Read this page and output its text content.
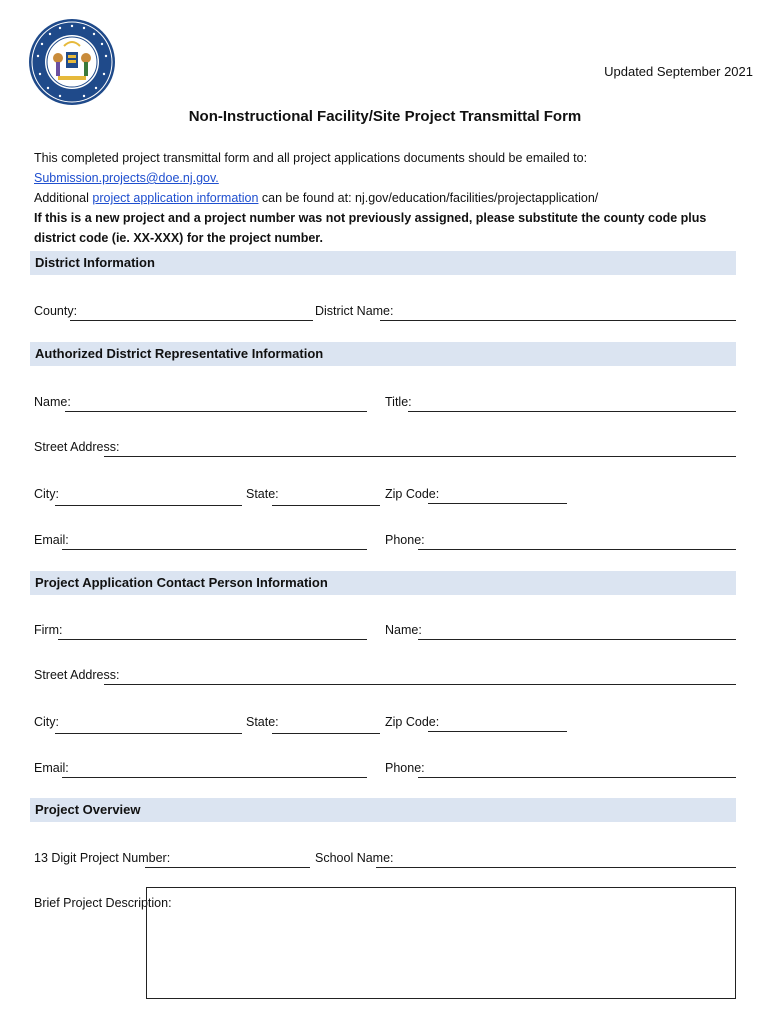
Updated September 2021
Non-Instructional Facility/Site Project Transmittal Form
This completed project transmittal form and all project applications documents should be emailed to: Submission.projects@doe.nj.gov.
Additional project application information can be found at: nj.gov/education/facilities/projectapplication/
If this is a new project and a project number was not previously assigned, please substitute the county code plus district code (ie. XX-XXX) for the project number.
District Information
County:	District Name:
Authorized District Representative Information
Name:	Title:
Street Address:
City:	State:	Zip Code:
Email:	Phone:
Project Application Contact Person Information
Firm:	Name:
Street Address:
City:	State:	Zip Code:
Email:	Phone:
Project Overview
13 Digit Project Number:	School Name:
Brief Project Description:
